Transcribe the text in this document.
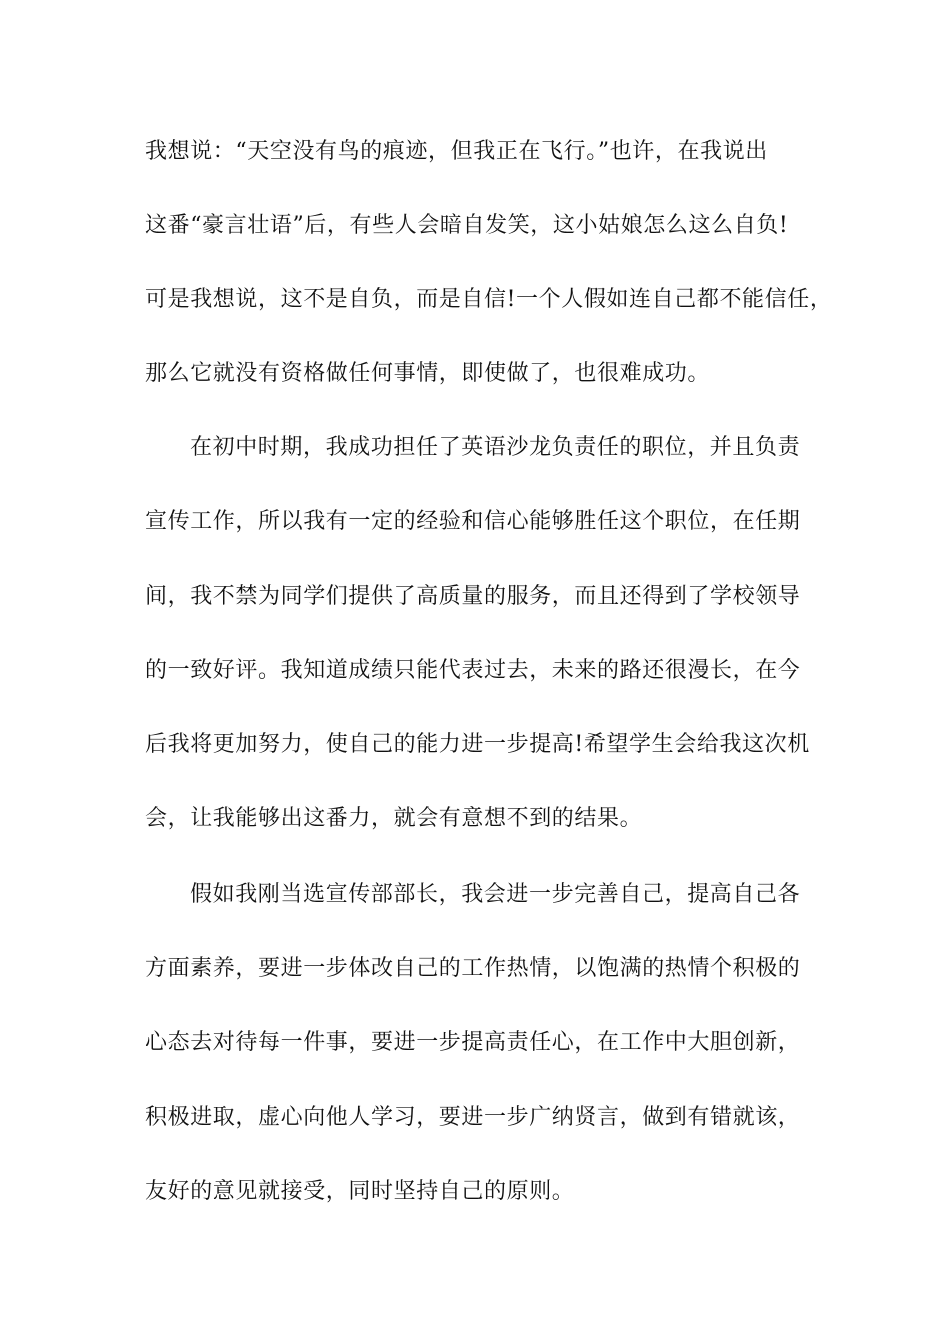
我想说：“天空没有鸟的痕迹，但我正在飞行。”也许，在我说出
这番“豪言壮语”后，有些人会暗自发笑，这小姑娘怎么这么自负!
可是我想说，这不是自负，而是自信!一个人假如连自己都不能信任，
那么它就没有资格做任何事情，即使做了，也很难成功。
在初中时期，我成功担任了英语沙龙负责任的职位，并且负责
宣传工作，所以我有一定的经验和信心能够胜任这个职位，在任期
间，我不禁为同学们提供了高质量的服务，而且还得到了学校领导
的一致好评。我知道成绩只能代表过去，未来的路还很漫长，在今
后我将更加努力，使自己的能力进一步提高!希望学生会给我这次机
会，让我能够出这番力，就会有意想不到的结果。
假如我刚当选宣传部部长，我会进一步完善自己，提高自己各
方面素养，要进一步体改自己的工作热情，以饱满的热情个积极的
心态去对待每一件事，要进一步提高责任心，在工作中大胆创新，
积极进取，虚心向他人学习，要进一步广纳贤言，做到有错就该，
友好的意见就接受，同时坚持自己的原则。
